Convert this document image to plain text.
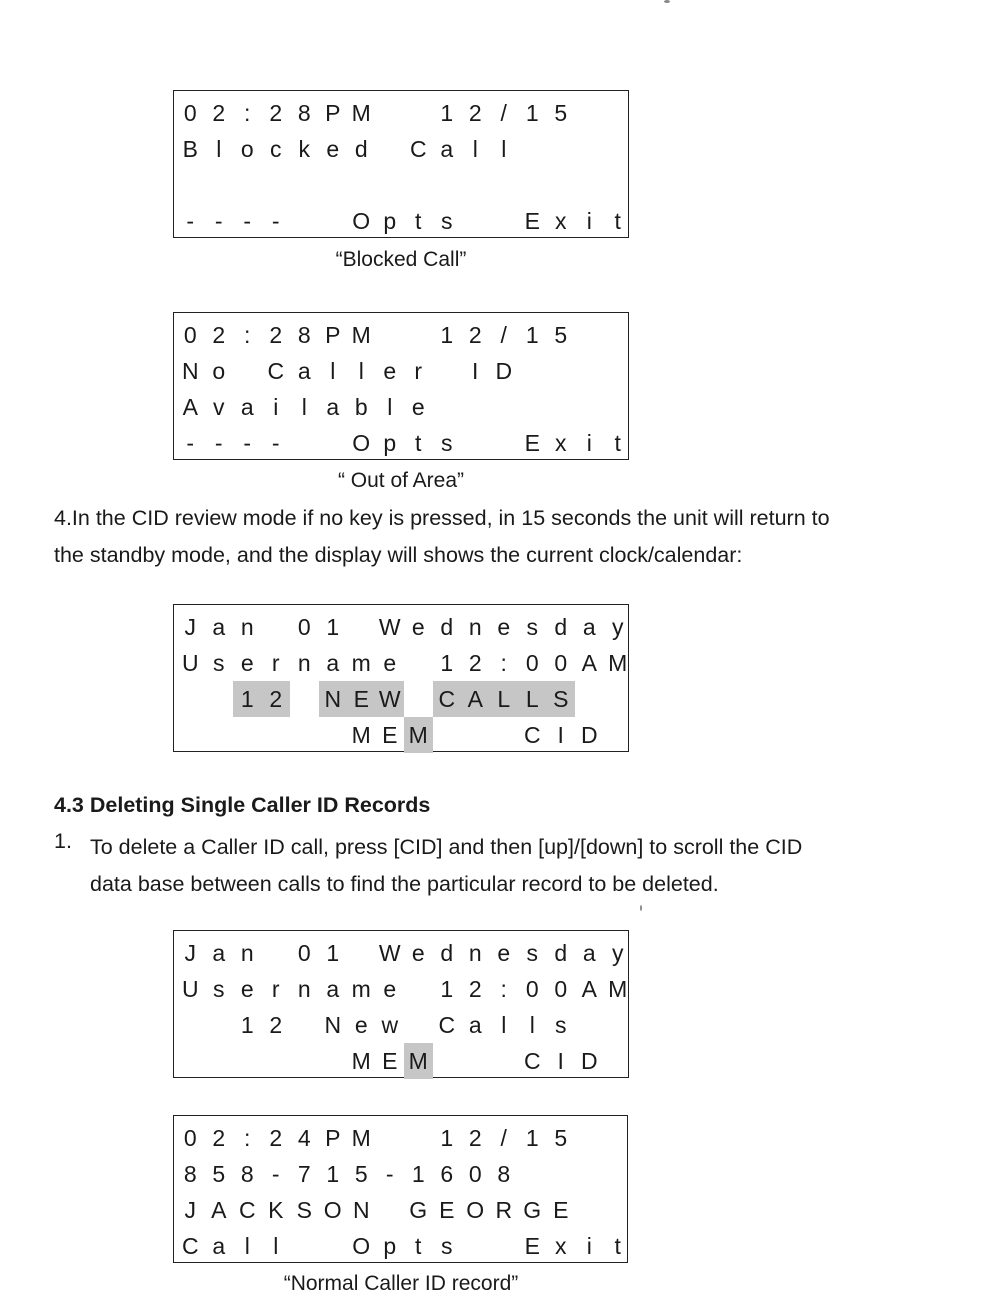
0 2 : 2 8 P M	1 2 / 1 5
B l o c k e d	C a l	l
- - - -	O p t s	E x i t
“Blocked Call”
0 2 : 2 8 P M	1 2 / 1 5
N o	C a l	l e r	I D
A v a i	l a b l e
- - - -	O p t s	E x i t
“ Out of Area”
4.In the CID review mode if no key is pressed, in 15 seconds the unit will return to
the standby mode, and the display will shows the current clock/calendar:
J a n	0 1	W e d n e s d a y
U s e r n a m e	1 2 : 0 0 A M
1 2	N E W C A L L S
M E M	C I D
4.3 Deleting Single Caller ID Records
1. To delete a Caller ID call, press [CID] and then [up]/[down] to scroll the CID
data base between calls to find the particular record to be deleted.
J a n	0 1	W e d n e s d a y
U s e r n a m e	1 2 : 0 0 A M
1 2	N e w C a l	l s
M E M	C I D
0 2 : 2 4 P M	1 2 / 1 5
8 5 8 - 7 1 5 - 1 6 0 8
J A C K S O N G E O R G E
C a l	l	O p t s	E x i t
“Normal Caller ID record”
